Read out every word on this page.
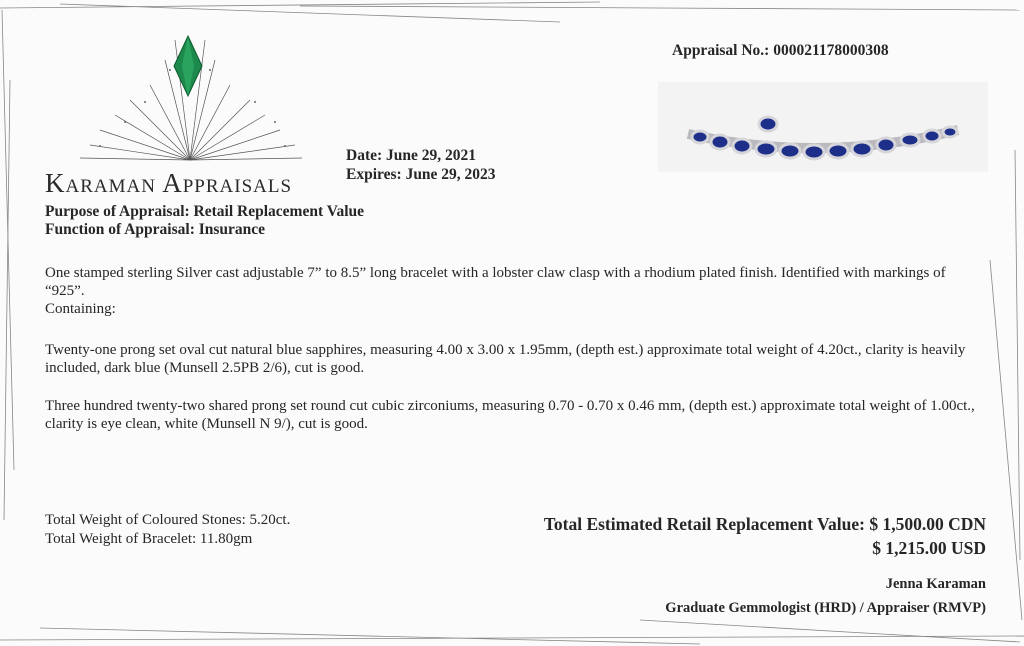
Karaman Appraisals
Appraisal No.: 000021178000308
Date: June 29, 2021
Expires: June 29, 2023
Purpose of Appraisal: Retail Replacement Value
Function of Appraisal: Insurance
One stamped sterling Silver cast adjustable 7” to 8.5” long bracelet with a lobster claw clasp with a rhodium plated finish. Identified with markings of “925”.
Containing:

Twenty-one prong set oval cut natural blue sapphires, measuring 4.00 x 3.00 x 1.95mm, (depth est.) approximate total weight of 4.20ct., clarity is heavily included, dark blue (Munsell 2.5PB 2/6), cut is good.

Three hundred twenty-two shared prong set round cut cubic zirconiums, measuring 0.70 - 0.70 x 0.46 mm, (depth est.) approximate total weight of 1.00ct., clarity is eye clean, white (Munsell N 9/), cut is good.

Total Weight of Coloured Stones: 5.20ct.
Total Weight of Bracelet: 11.80gm
Total Estimated Retail Replacement Value: $ 1,500.00 CDN
$ 1,215.00 USD
Jenna Karaman
Graduate Gemmologist (HRD) / Appraiser (RMVP)
